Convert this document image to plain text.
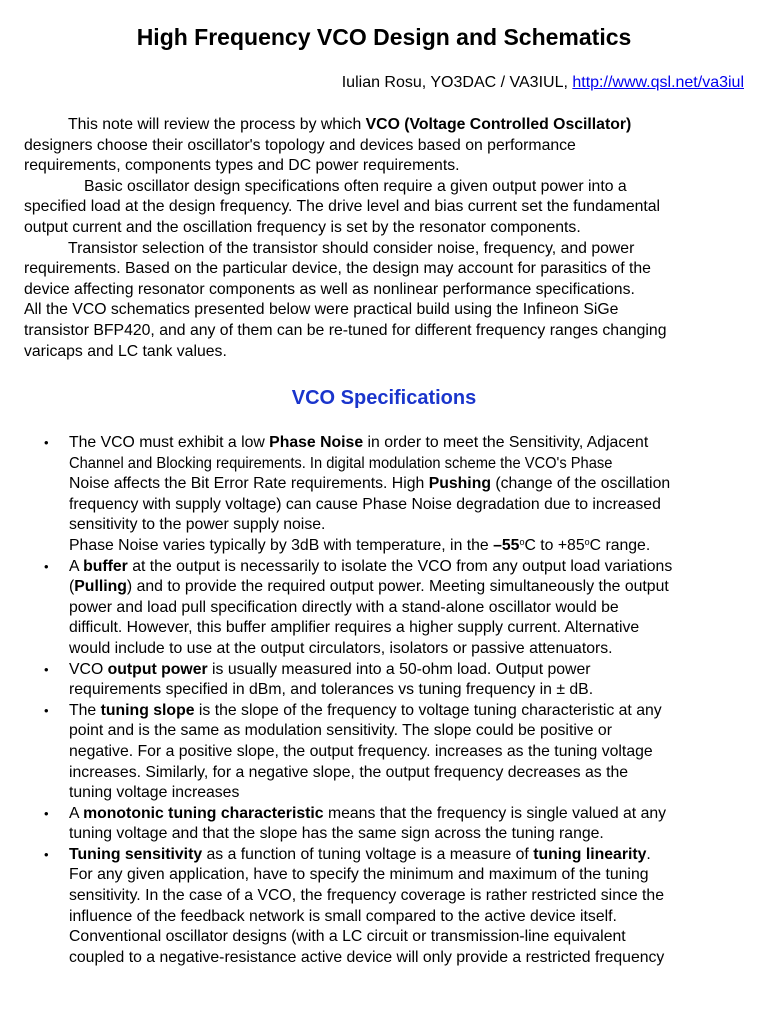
High Frequency VCO Design and Schematics

Iulian Rosu, YO3DAC / VA3IUL, http://www.qsl.net/va3iul

This note will review the process by which VCO (Voltage Controlled Oscillator)
designers choose their oscillator's topology and devices based on performance
requirements, components types and DC power requirements.
Basic oscillator design specifications often require a given output power into a
specified load at the design frequency. The drive level and bias current set the fundamental
output current and the oscillation frequency is set by the resonator components.
Transistor selection of the transistor should consider noise, frequency, and power
requirements. Based on the particular device, the design may account for parasitics of the
device affecting resonator components as well as nonlinear performance specifications.
All the VCO schematics presented below were practical build using the Infineon SiGe
transistor BFP420, and any of them can be re-tuned for different frequency ranges changing
varicaps and LC tank values.
VCO Specifications
• The VCO must exhibit a low Phase Noise in order to meet the Sensitivity, Adjacent
Channel and Blocking requirements. In digital modulation scheme the VCO's Phase
Noise affects the Bit Error Rate requirements. High Pushing (change of the oscillation
frequency with supply voltage) can cause Phase Noise degradation due to increased
sensitivity to the power supply noise.
Phase Noise varies typically by 3dB with temperature, in the –55$^o$C to $+85^oC$ range.
• A buffer at the output is necessarily to isolate the VCO from any output load variations
(Pulling) and to provide the required output power. Meeting simultaneously the output
power and load pull specification directly with a stand-alone oscillator would be
difficult. However, this buffer amplifier requires a higher supply current. Alternative
would include to use at the output circulators, isolators or passive attenuators.
• VCO output power is usually measured into a 50-ohm load. Output power
requirements specified in dBm, and tolerances vs tuning frequency in ± dB.
• The tuning slope is the slope of the frequency to voltage tuning characteristic at any
point and is the same as modulation sensitivity. The slope could be positive or
negative. For a positive slope, the output frequency. increases as the tuning voltage
increases. Similarly, for a negative slope, the output frequency decreases as the
tuning voltage increases
• A monotonic tuning characteristic means that the frequency is single valued at any
tuning voltage and that the slope has the same sign across the tuning range.
• Tuning sensitivity as a function of tuning voltage is a measure of tuning linearity.
For any given application, have to specify the minimum and maximum of the tuning
sensitivity. In the case of a VCO, the frequency coverage is rather restricted since the
influence of the feedback network is small compared to the active device itself.
Conventional oscillator designs (with a LC circuit or transmission-line equivalent
coupled to a negative-resistance active device will only provide a restricted frequency
